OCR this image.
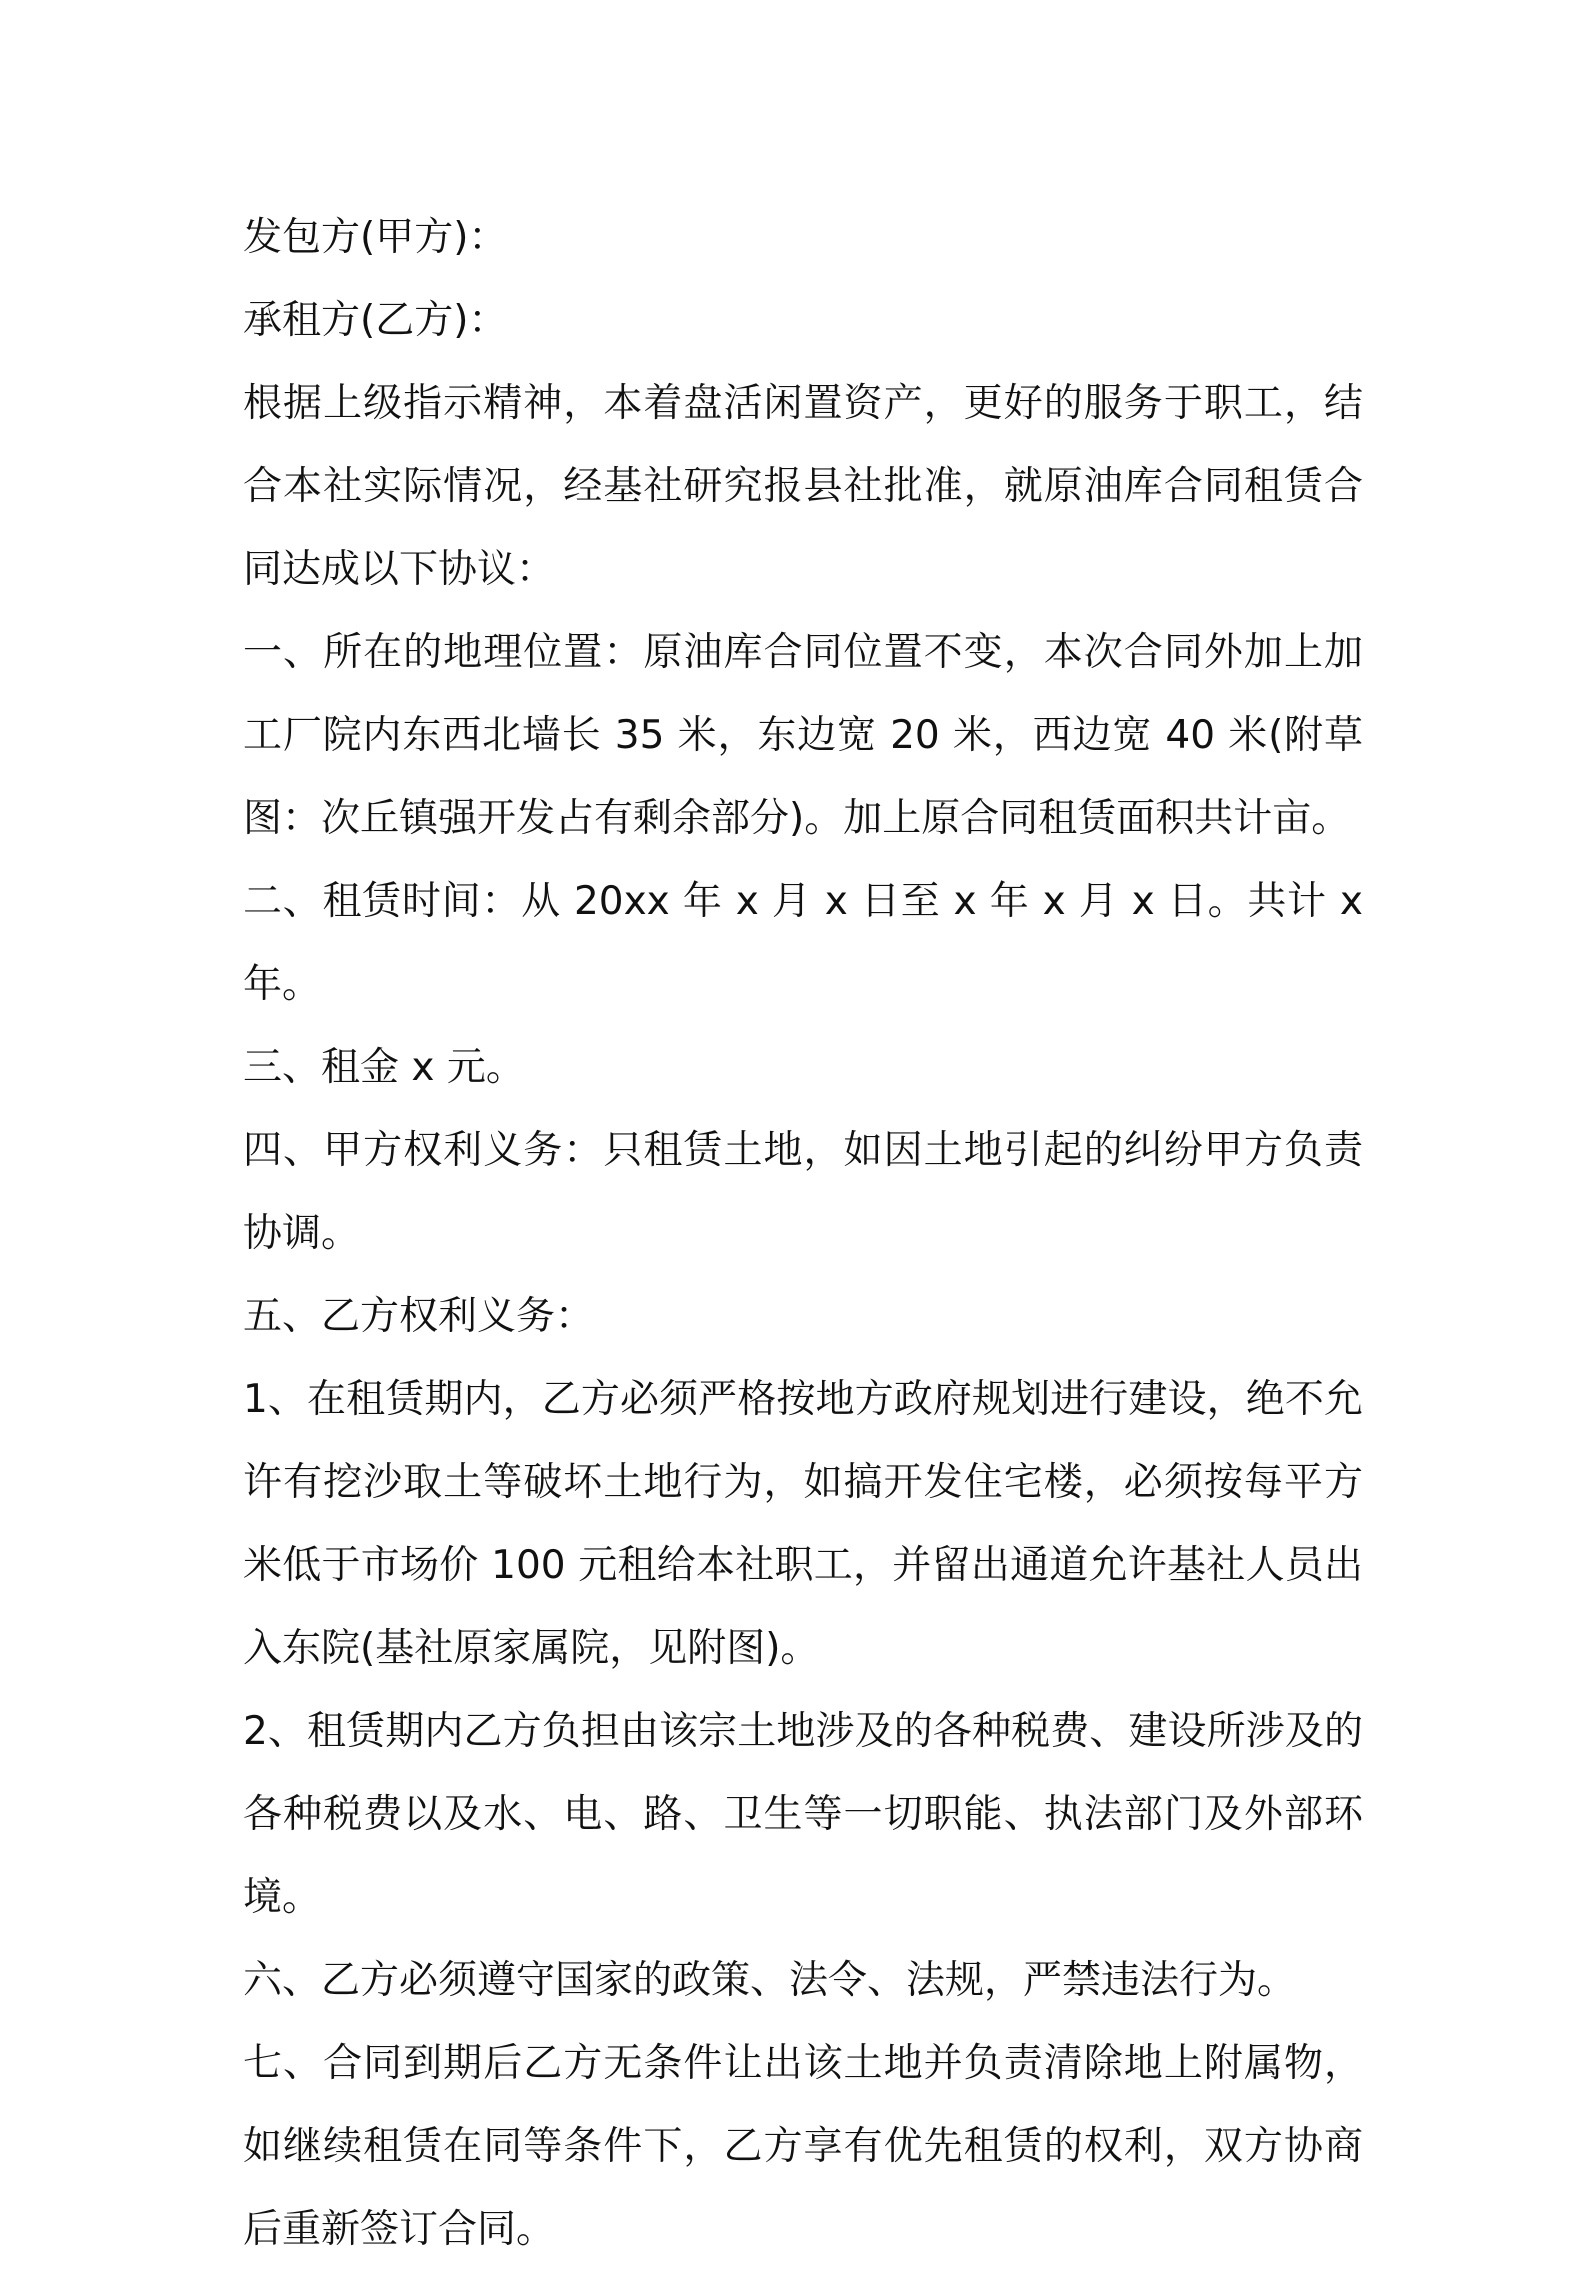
发包方(甲方)：

承租方(乙方)：

根据上级指示精神，本着盘活闲置资产，更好的服务于职工，结合本社实际情况，经基社研究报县社批准，就原油库合同租赁合同达成以下协议：

一、所在的地理位置：原油库合同位置不变，本次合同外加上加工厂院内东西北墙长 35 米，东边宽 20 米，西边宽 40 米(附草图：次丘镇强开发占有剩余部分)。加上原合同租赁面积共计亩。

二、租赁时间：从 20xx 年 x 月 x 日至 x 年 x 月 x 日。共计 x 年。

三、租金 x 元。

四、甲方权利义务：只租赁土地，如因土地引起的纠纷甲方负责协调。

五、乙方权利义务：

1、在租赁期内，乙方必须严格按地方政府规划进行建设，绝不允许有挖沙取土等破坏土地行为，如搞开发住宅楼，必须按每平方米低于市场价 100 元租给本社职工，并留出通道允许基社人员出入东院(基社原家属院，见附图)。

2、租赁期内乙方负担由该宗土地涉及的各种税费、建设所涉及的各种税费以及水、电、路、卫生等一切职能、执法部门及外部环境。

六、乙方必须遵守国家的政策、法令、法规，严禁违法行为。

七、合同到期后乙方无条件让出该土地并负责清除地上附属物，如继续租赁在同等条件下，乙方享有优先租赁的权利，双方协商后重新签订合同。
